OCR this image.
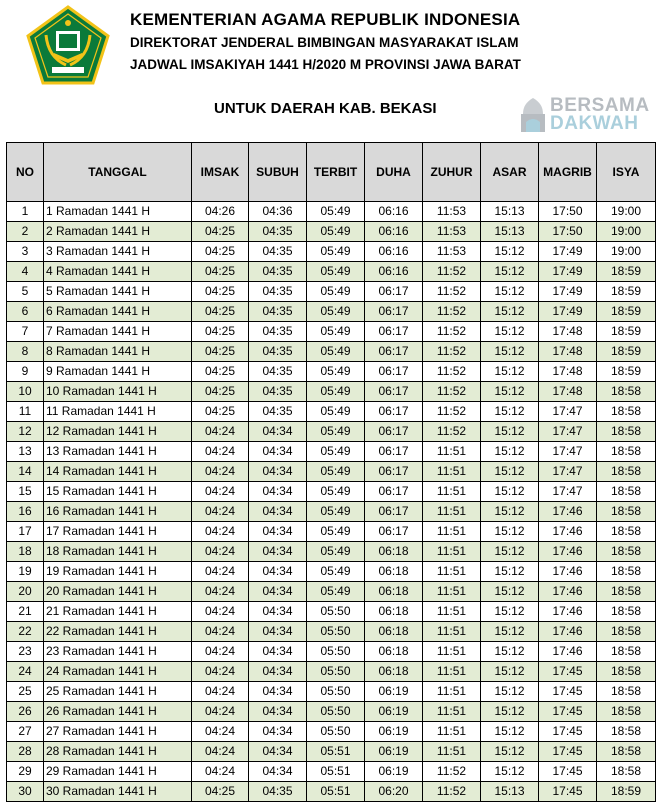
KEMENTERIAN AGAMA REPUBLIK INDONESIA
DIREKTORAT JENDERAL BIMBINGAN MASYARAKAT ISLAM
JADWAL IMSAKIYAH 1441 H/2020 M PROVINSI JAWA BARAT
UNTUK DAERAH KAB. BEKASI	BERSAMA
DAKWAH
NO	TANGGAL	IMSAK	SUBUH	TERBIT	DUHA	ZUHUR	ASAR	MAGRIB	ISYA
1	1 Ramadan 1441 H	04:26	04:36	05:49	06:16	11:53	15:13	17:50	19:00
2	2 Ramadan 1441 H	04:25	04:35	05:49	06:16	11:53	15:13	17:50	19:00
3	3 Ramadan 1441 H	04:25	04:35	05:49	06:16	11:53	15:12	17:49	19:00
4	4 Ramadan 1441 H	04:25	04:35	05:49	06:16	11:52	15:12	17:49	18:59
5	5 Ramadan 1441 H	04:25	04:35	05:49	06:17	11:52	15:12	17:49	18:59
6	6 Ramadan 1441 H	04:25	04:35	05:49	06:17	11:52	15:12	17:49	18:59
7	7 Ramadan 1441 H	04:25	04:35	05:49	06:17	11:52	15:12	17:48	18:59
8	8 Ramadan 1441 H	04:25	04:35	05:49	06:17	11:52	15:12	17:48	18:59
9	9 Ramadan 1441 H	04:25	04:35	05:49	06:17	11:52	15:12	17:48	18:59
10	10 Ramadan 1441 H	04:25	04:35	05:49	06:17	11:52	15:12	17:48	18:58
11	11 Ramadan 1441 H	04:25	04:35	05:49	06:17	11:52	15:12	17:47	18:58
12	12 Ramadan 1441 H	04:24	04:34	05:49	06:17	11:52	15:12	17:47	18:58
13	13 Ramadan 1441 H	04:24	04:34	05:49	06:17	11:51	15:12	17:47	18:58
14	14 Ramadan 1441 H	04:24	04:34	05:49	06:17	11:51	15:12	17:47	18:58
15	15 Ramadan 1441 H	04:24	04:34	05:49	06:17	11:51	15:12	17:47	18:58
16	16 Ramadan 1441 H	04:24	04:34	05:49	06:17	11:51	15:12	17:46	18:58
17	17 Ramadan 1441 H	04:24	04:34	05:49	06:17	11:51	15:12	17:46	18:58
18	18 Ramadan 1441 H	04:24	04:34	05:49	06:18	11:51	15:12	17:46	18:58
19	19 Ramadan 1441 H	04:24	04:34	05:49	06:18	11:51	15:12	17:46	18:58
20	20 Ramadan 1441 H	04:24	04:34	05:49	06:18	11:51	15:12	17:46	18:58
21	21 Ramadan 1441 H	04:24	04:34	05:50	06:18	11:51	15:12	17:46	18:58
22	22 Ramadan 1441 H	04:24	04:34	05:50	06:18	11:51	15:12	17:46	18:58
23	23 Ramadan 1441 H	04:24	04:34	05:50	06:18	11:51	15:12	17:46	18:58
24	24 Ramadan 1441 H	04:24	04:34	05:50	06:18	11:51	15:12	17:45	18:58
25	25 Ramadan 1441 H	04:24	04:34	05:50	06:19	11:51	15:12	17:45	18:58
26	26 Ramadan 1441 H	04:24	04:34	05:50	06:19	11:51	15:12	17:45	18:58
27	27 Ramadan 1441 H	04:24	04:34	05:50	06:19	11:51	15:12	17:45	18:58
28	28 Ramadan 1441 H	04:24	04:34	05:51	06:19	11:51	15:12	17:45	18:58
29	29 Ramadan 1441 H	04:24	04:34	05:51	06:19	11:52	15:12	17:45	18:58
30	30 Ramadan 1441 H	04:25	04:35	05:51	06:20	11:52	15:13	17:45	18:59
